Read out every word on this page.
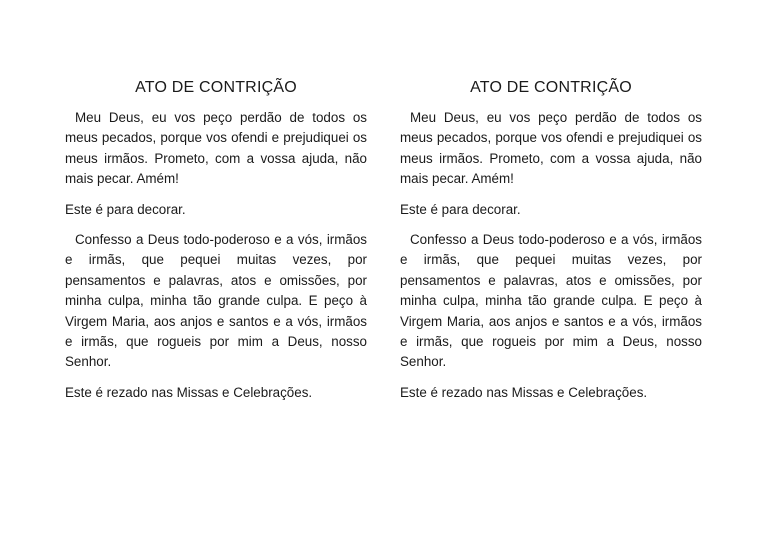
ATO DE CONTRIÇÃO

Meu Deus, eu vos peço perdão de todos os meus pecados, porque vos ofendi e prejudiquei os meus irmãos. Prometo, com a vossa ajuda, não mais pecar. Amém!

Este é para decorar.

Confesso a Deus todo-poderoso e a vós, irmãos e irmãs, que pequei muitas vezes, por pensamentos e palavras, atos e omissões, por minha culpa, minha tão grande culpa. E peço à Virgem Maria, aos anjos e santos e a vós, irmãos e irmãs, que rogueis por mim a Deus, nosso Senhor.

Este é rezado nas Missas e Celebrações.

ATO DE CONTRIÇÃO

Meu Deus, eu vos peço perdão de todos os meus pecados, porque vos ofendi e prejudiquei os meus irmãos. Prometo, com a vossa ajuda, não mais pecar. Amém!

Este é para decorar.

Confesso a Deus todo-poderoso e a vós, irmãos e irmãs, que pequei muitas vezes, por pensamentos e palavras, atos e omissões, por minha culpa, minha tão grande culpa. E peço à Virgem Maria, aos anjos e santos e a vós, irmãos e irmãs, que rogueis por mim a Deus, nosso Senhor.

Este é rezado nas Missas e Celebrações.
